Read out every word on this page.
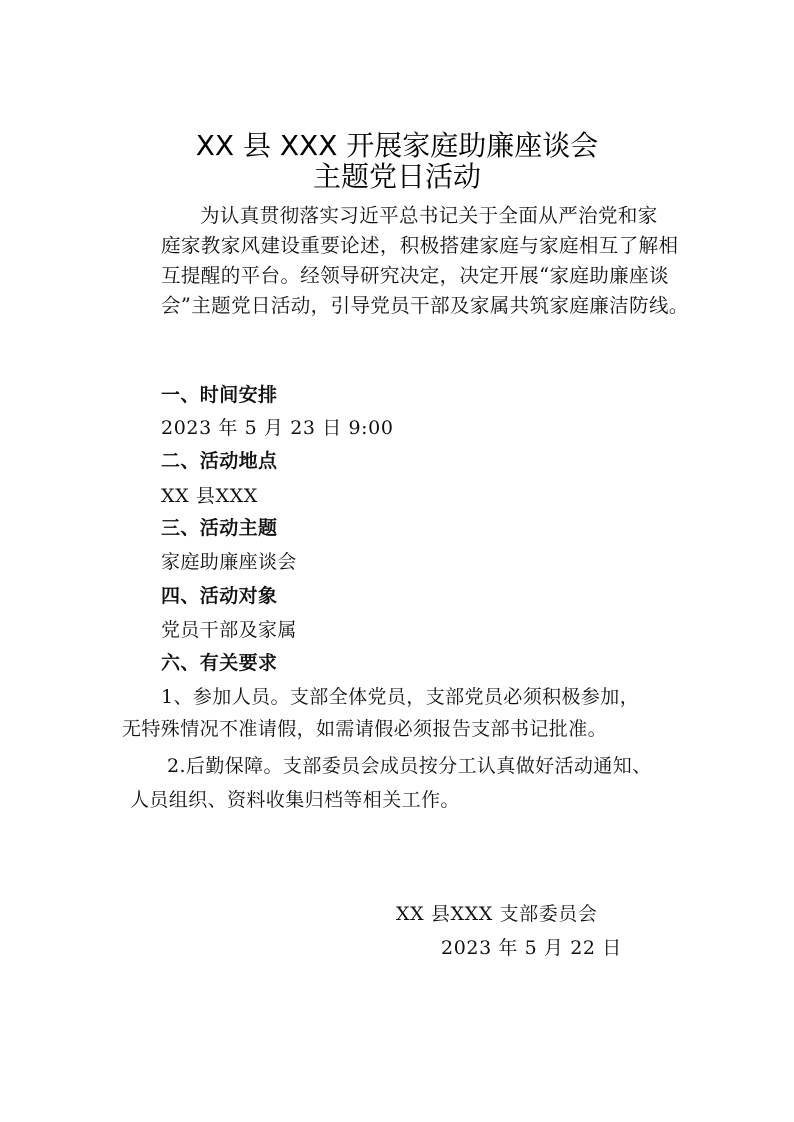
XX 县 XXX 开展家庭助廉座谈会
主题党日活动
为认真贯彻落实习近平总书记关于全面从严治党和家
庭家教家风建设重要论述，积极搭建家庭与家庭相互了解相
互提醒的平台。经领导研究决定，决定开展“家庭助廉座谈
会”主题党日活动，引导党员干部及家属共筑家庭廉洁防线。
一、时间安排
2023 年 5 月 23 日 9:00
二、活动地点
XX 县XXX
三、活动主题
家庭助廉座谈会
四、活动对象
党员干部及家属
六、有关要求
1、参加人员。支部全体党员，支部党员必须积极参加，
无特殊情况不准请假，如需请假必须报告支部书记批准。
2.后勤保障。支部委员会成员按分工认真做好活动通知、
人员组织、资料收集归档等相关工作。
XX 县XXX 支部委员会
2023 年 5 月 22 日
